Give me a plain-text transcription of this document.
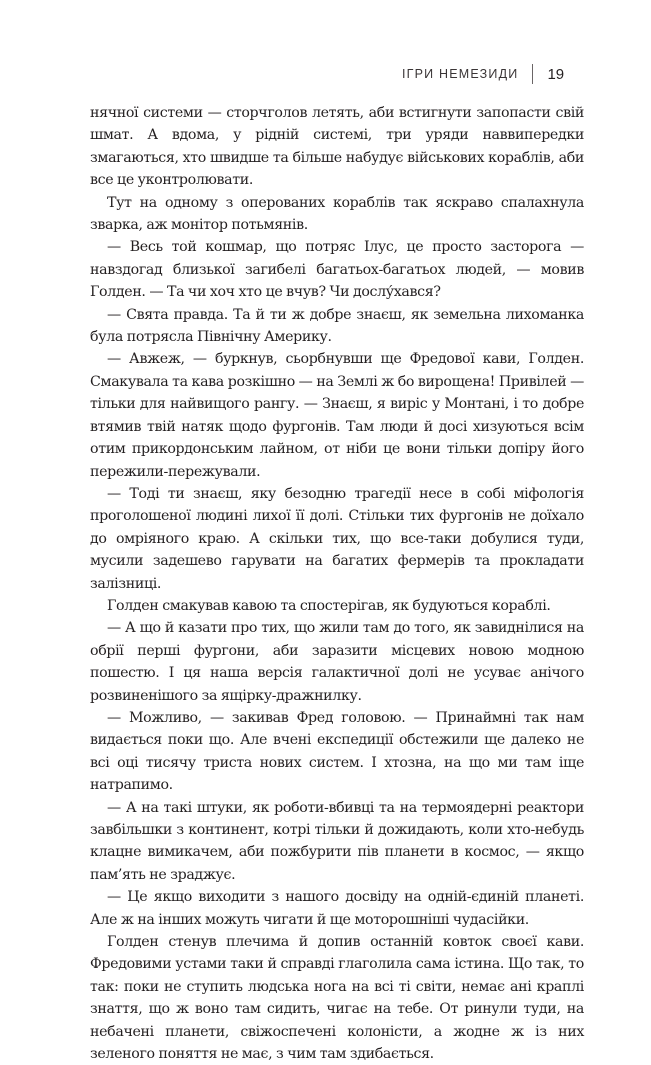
ІГРИ НЕМЕЗИДИ 19

нячної системи — сторчголов летять, аби встигнути запопасти свій шмат. А вдома, у рідній системі, три уряди наввипередки змагаються, хто швидше та більше набудує військових кораблів, аби все це уконтролювати.

Тут на одному з оперованих кораблів так яскраво спалахнула зварка, аж монітор потьмянів.

— Весь той кошмар, що потряс Ілус, це просто засторога — навздогад близької загибелі багатьох-багатьох людей, — мовив Голден. — Та чи хоч хто це вчув? Чи дослу́хався?

— Свята правда. Та й ти ж добре знаєш, як земельна лихоманка була потрясла Північну Америку.

— Авжеж, — буркнув, сьорбнувши ще Фредової кави, Голден. Смакувала та кава розкішно — на Землі ж бо вирощена! Привілей — тільки для найвищого рангу. — Знаєш, я виріс у Монтані, і то добре втямив твій натяк щодо фургонів. Там люди й досі хизуються всім отим прикордонським лайном, от ніби це вони тільки допіру його пережили-пережували.

— Тоді ти знаєш, яку безодню трагедії несе в собі міфологія проголошеної людині лихої її долі. Стільки тих фургонів не доїхало до омріяного краю. А скільки тих, що все-таки добулися туди, мусили задешево гарувати на багатих фермерів та прокладати залізниці.

Голден смакував кавою та спостерігав, як будуються кораблі.

— А що й казати про тих, що жили там до того, як завиднілися на обрії перші фургони, аби заразити місцевих новою модною пошестю. І ця наша версія галактичної долі не усуває анічого розвиненішого за ящірку-дражнилку.

— Можливо, — закивав Фред головою. — Принаймні так нам видається поки що. Але вчені експедиції обстежили ще далеко не всі оці тисячу триста нових систем. І хтозна, на що ми там іще натрапимо.

— А на такі штуки, як роботи-вбивці та на термоядерні реактори завбільшки з континент, котрі тільки й дожидають, коли хто-небудь клацне вимикачем, аби пожбурити пів планети в космос, — якщо пам’ять не зраджує.

— Це якщо виходити з нашого досвіду на одній-єдиній планеті. Але ж на інших можуть чигати й ще моторошніші чудасійки.

Голден стенув плечима й допив останній ковток своєї кави. Фредовими устами таки й справді глаголила сама істина. Що так, то так: поки не ступить людська нога на всі ті світи, немає ані краплі знаття, що ж воно там сидить, чигає на тебе. От ринули туди, на небачені планети, свіжоспечені колоністи, а жодне ж із них зеленого поняття не має, з чим там здибається.
